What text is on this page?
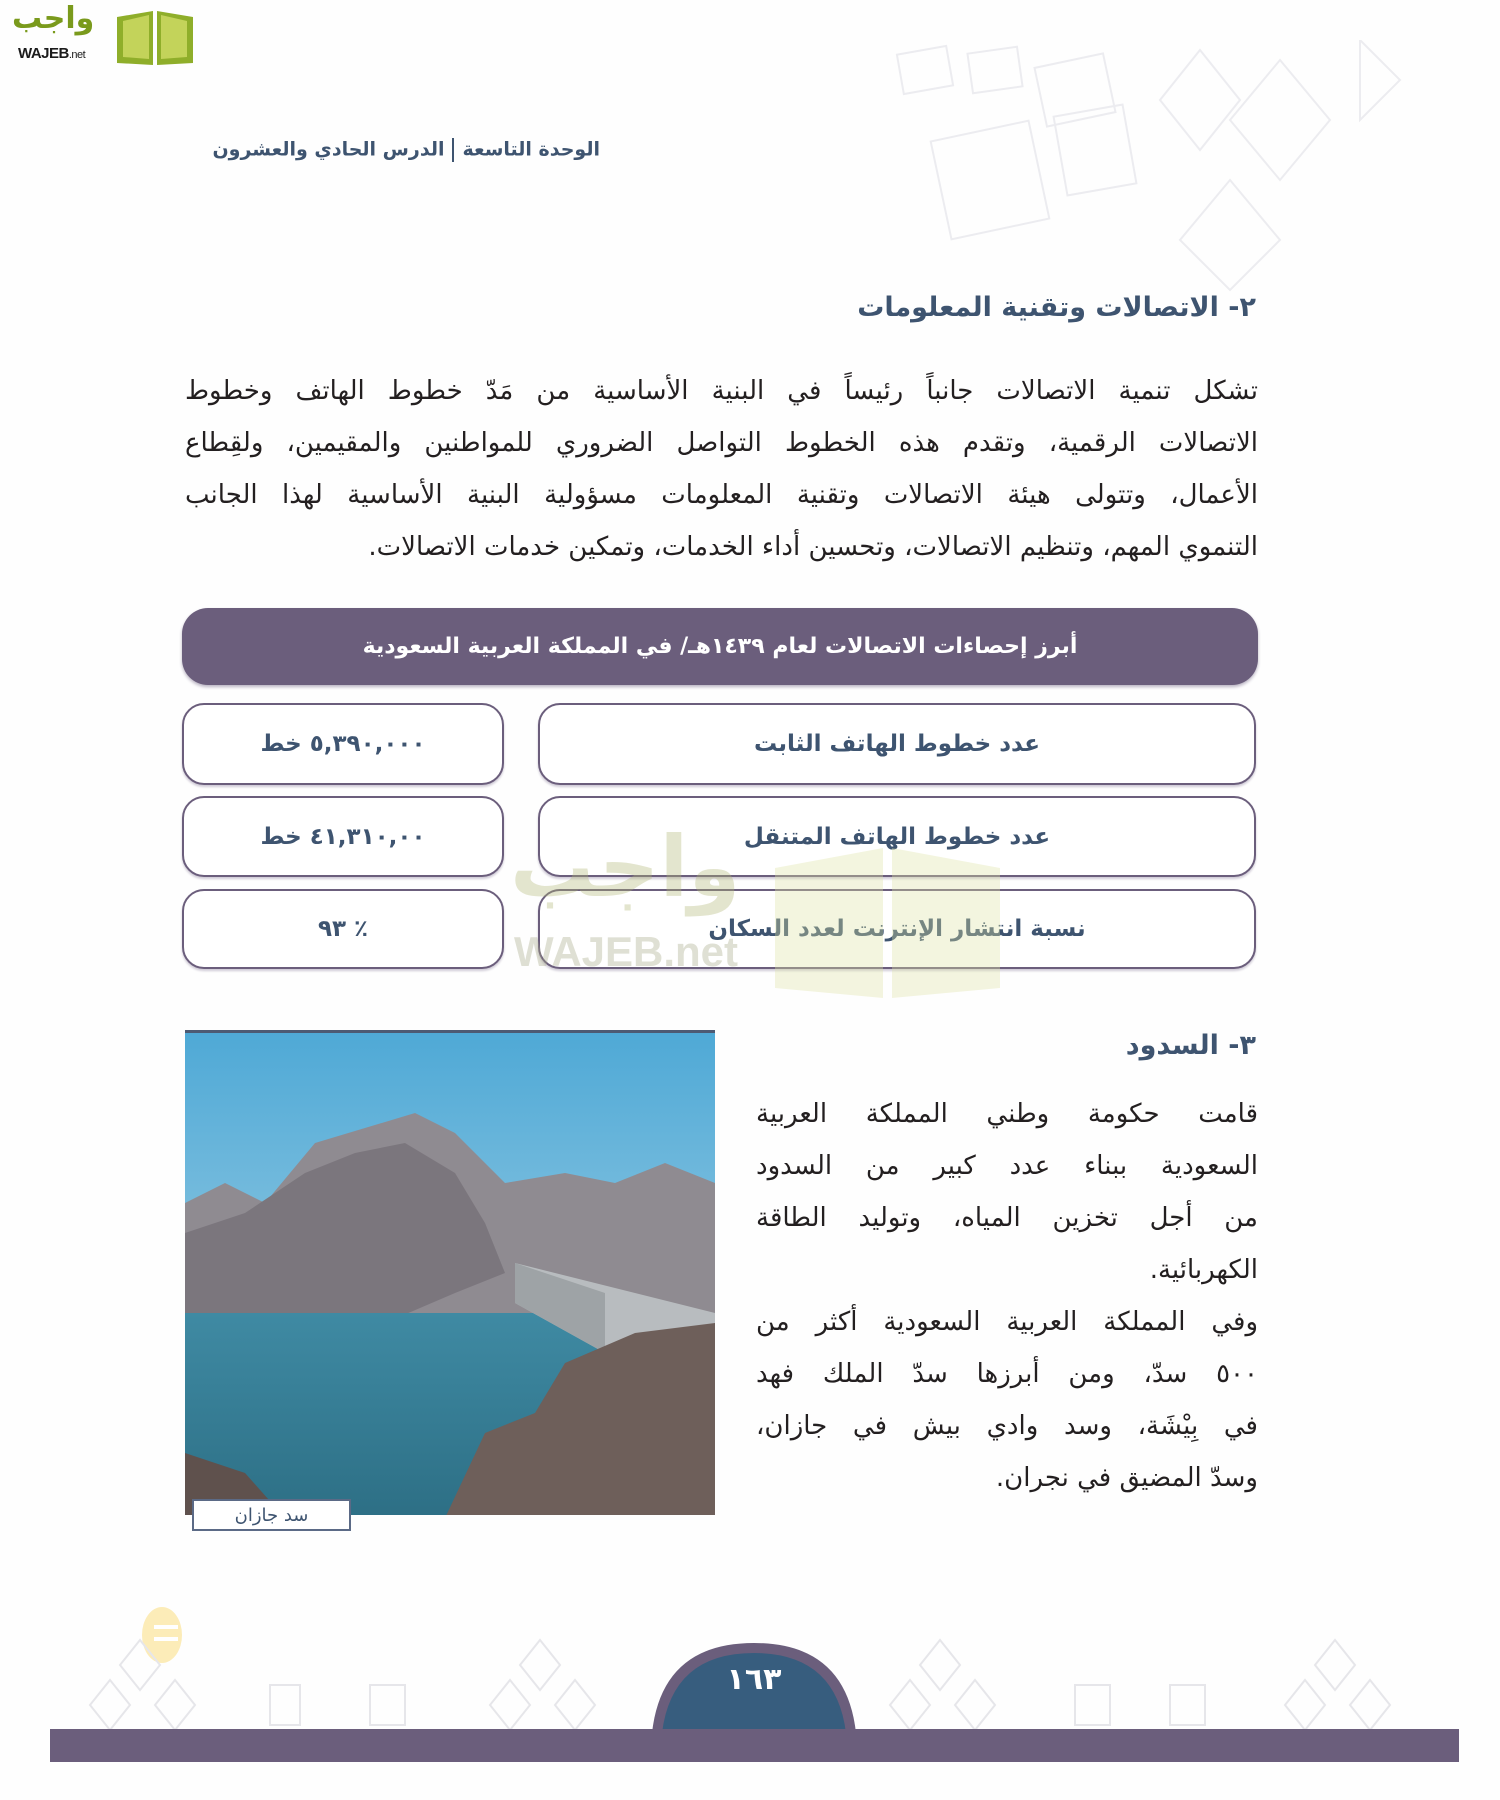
واجب
WAJEB.net
الوحدة التاسعةالدرس الحادي والعشرون
٢- الاتصالات وتقنية المعلومات
تشكل تنمية الاتصالات جانباً رئيساً في البنية الأساسية من مَدّ خطوط الهاتف وخطوط
الاتصالات الرقمية، وتقدم هذه الخطوط التواصل الضروري للمواطنين والمقيمين، ولقِطاع
الأعمال، وتتولى هيئة الاتصالات وتقنية المعلومات مسؤولية البنية الأساسية لهذا الجانب
التنموي المهم، وتنظيم الاتصالات، وتحسين أداء الخدمات، وتمكين خدمات الاتصالات.
أبرز إحصاءات الاتصالات لعام ١٤٣٩هـ/ في المملكة العربية السعودية
عدد خطوط الهاتف الثابت
٥,٣٩٠,٠٠٠ خط
عدد خطوط الهاتف المتنقل
٤١,٣١٠,٠٠ خط
نسبة انتشار الإنترنت لعدد السكان
٪ ٩٣
واجب
WAJEB.net
سد جازان
٣- السدود
قامت حكومة وطني المملكة العربية
السعودية ببناء عدد كبير من السدود
من أجل تخزين المياه، وتوليد الطاقة
الكهربائية.
وفي المملكة العربية السعودية أكثر من
٥٠٠ سدّ، ومن أبرزها سدّ الملك فهد
في بِيْشَة، وسد وادي بيش في جازان،
وسدّ المضيق في نجران.
١٦٣
